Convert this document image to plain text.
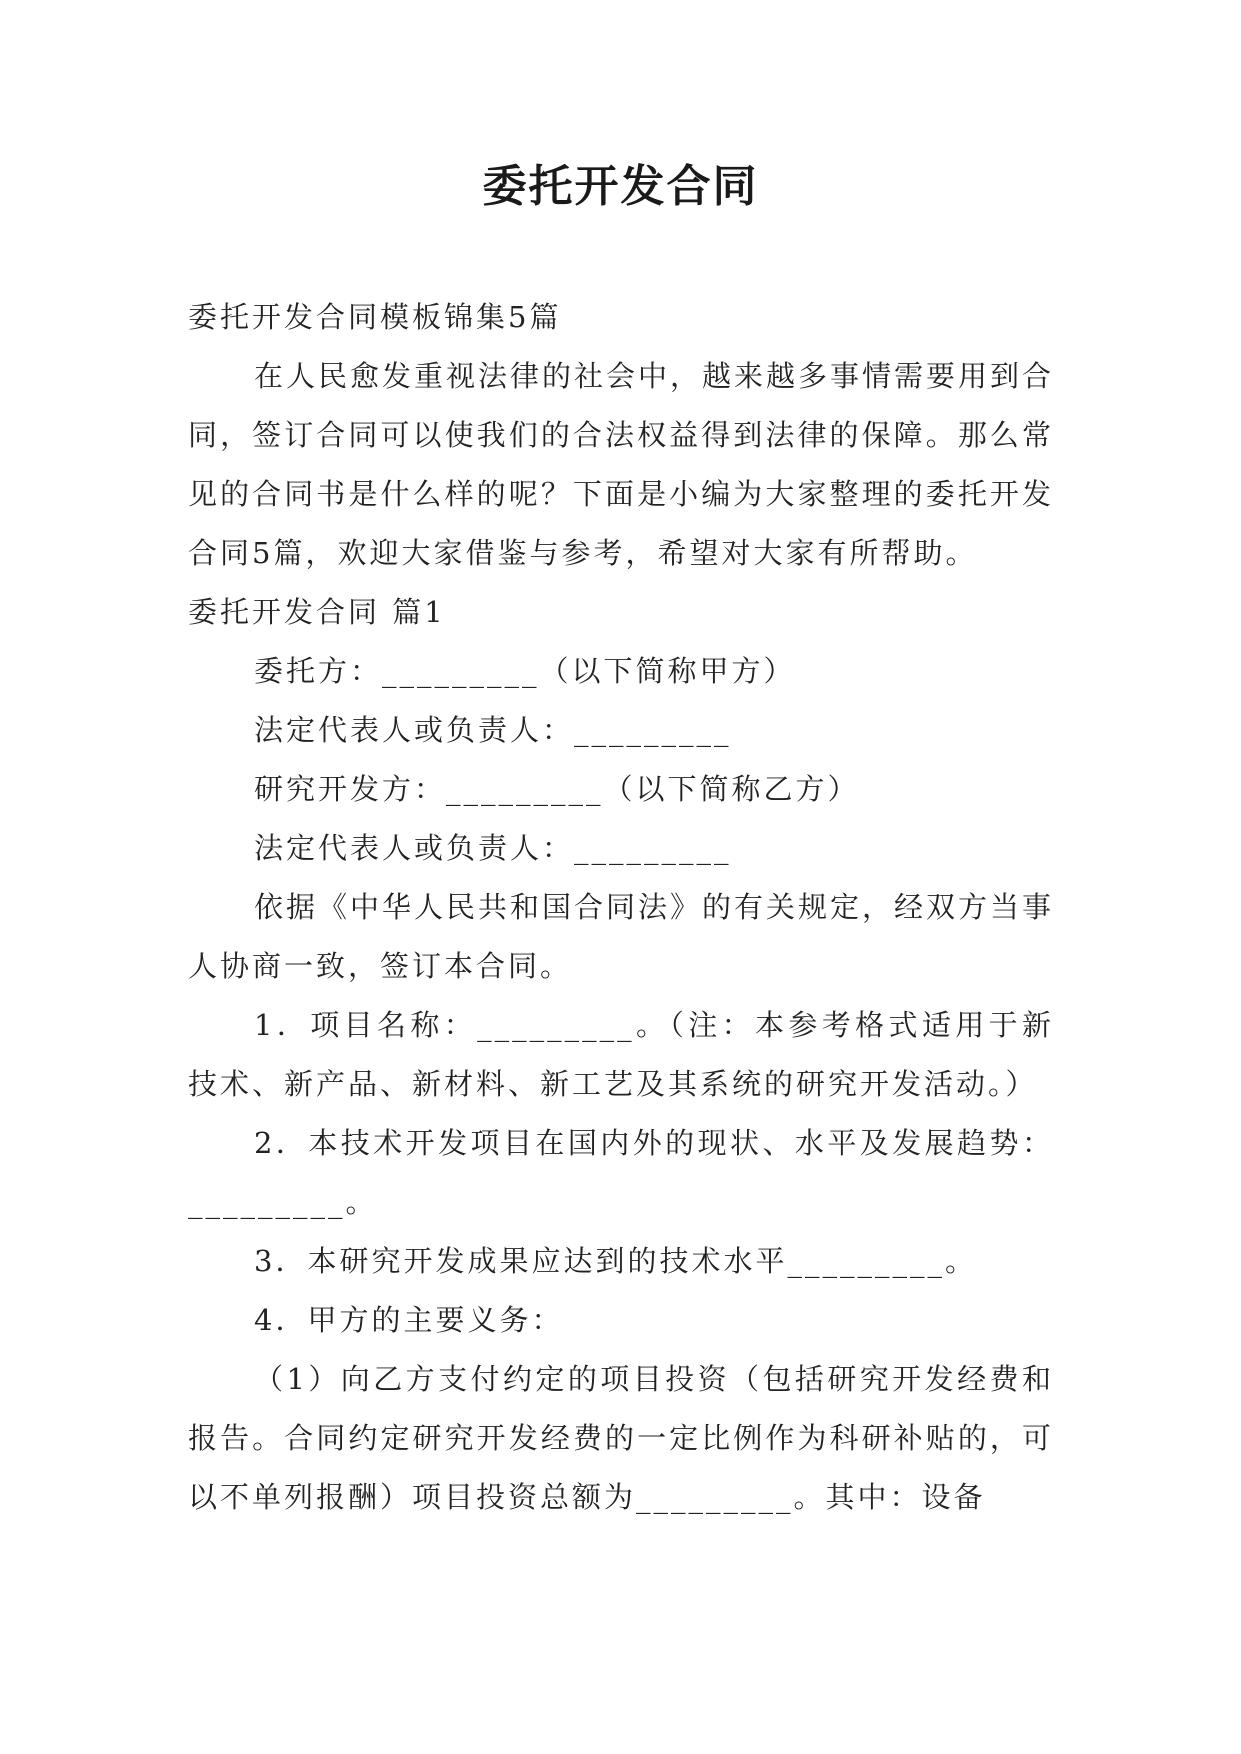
委托开发合同

委托开发合同模板锦集5篇

在人民愈发重视法律的社会中，越来越多事情需要用到合同，签订合同可以使我们的合法权益得到法律的保障。那么常见的合同书是什么样的呢？下面是小编为大家整理的委托开发合同5篇，欢迎大家借鉴与参考，希望对大家有所帮助。

委托开发合同 篇1

委托方：_________（以下简称甲方）

法定代表人或负责人：_________

研究开发方：_________（以下简称乙方）

法定代表人或负责人：_________

依据《中华人民共和国合同法》的有关规定，经双方当事人协商一致，签订本合同。

1．项目名称：_________。（注：本参考格式适用于新技术、新产品、新材料、新工艺及其系统的研究开发活动。）

2．本技术开发项目在国内外的现状、水平及发展趋势：_________。

3．本研究开发成果应达到的技术水平_________。

4．甲方的主要义务：

（1）向乙方支付约定的项目投资（包括研究开发经费和报告。合同约定研究开发经费的一定比例作为科研补贴的，可以不单列报酬）项目投资总额为_________。其中：设备
